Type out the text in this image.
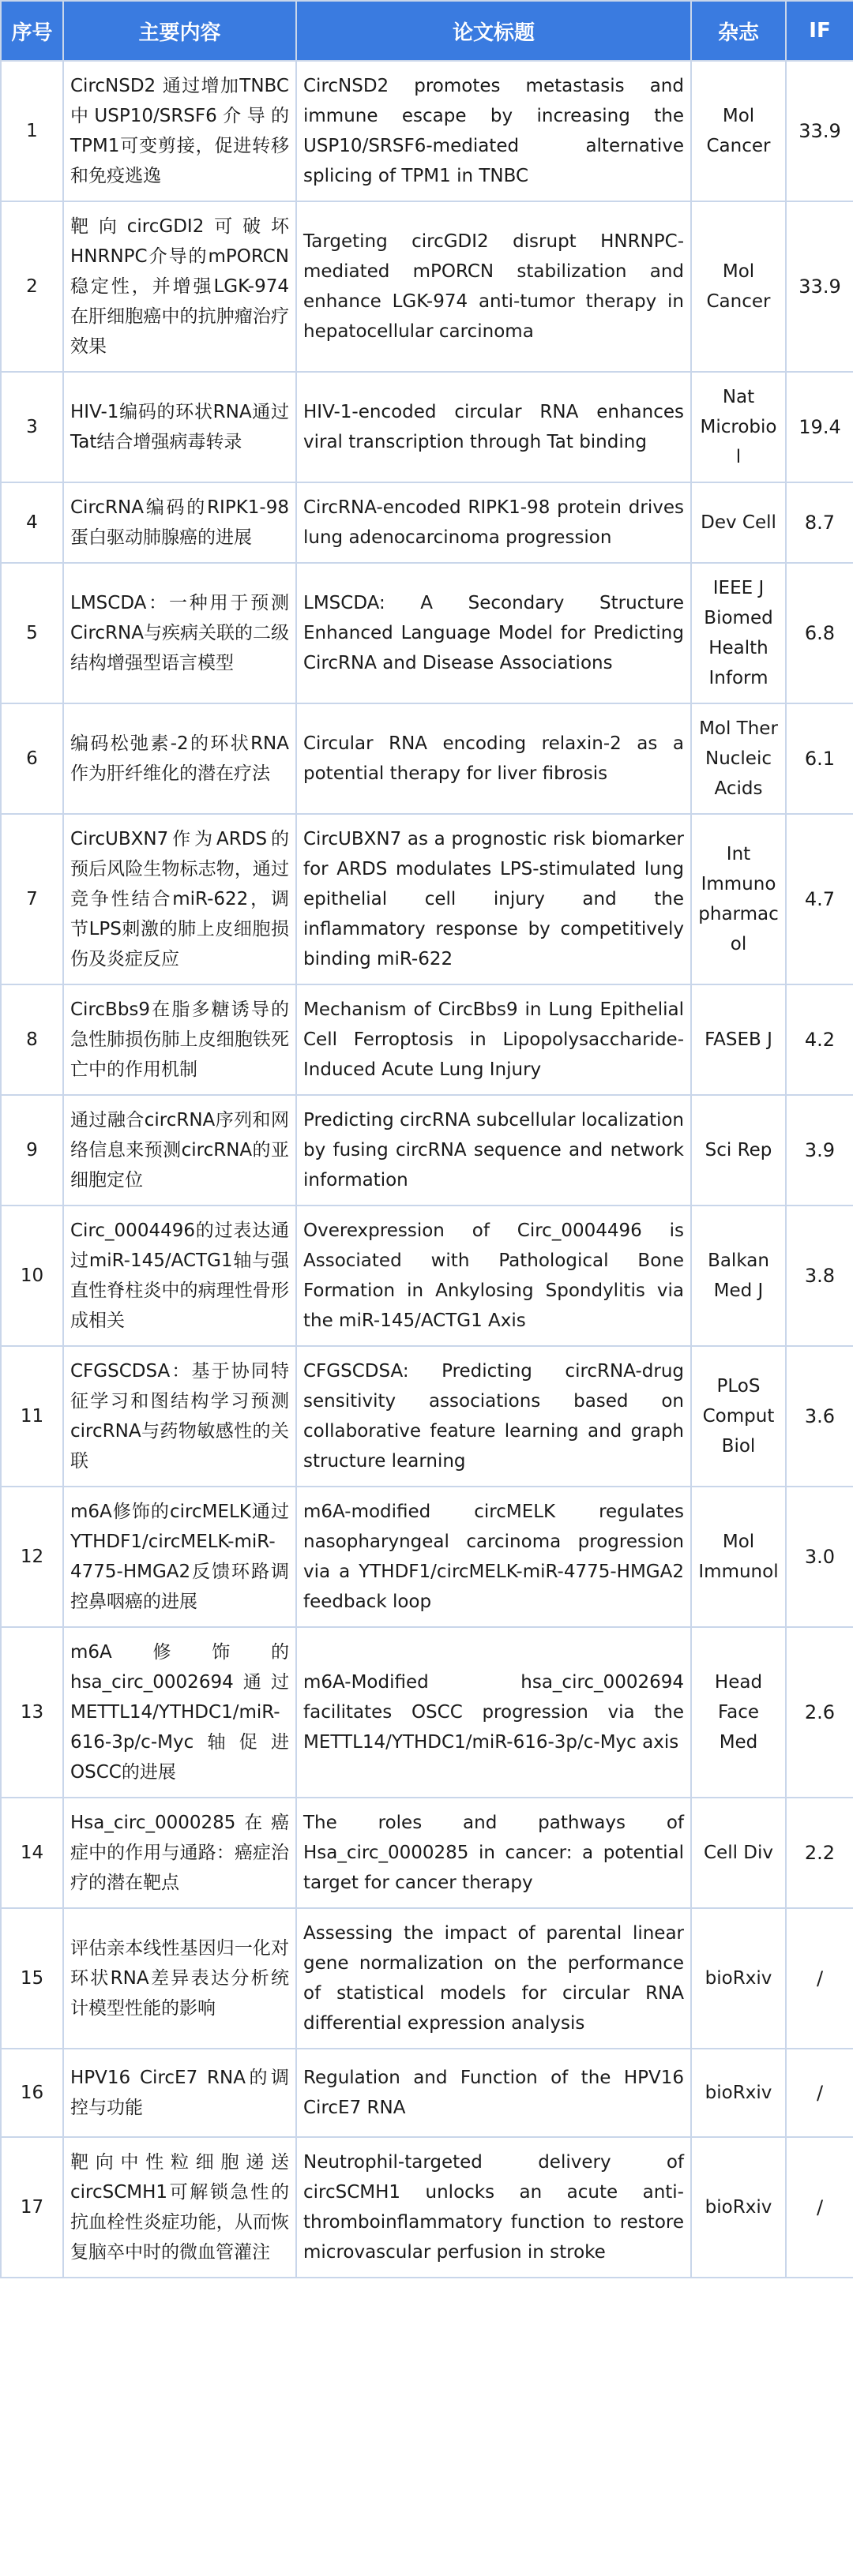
序号	主要内容	论文标题	杂志	IF
1	CircNSD2 通过增加TNBC中USP10/SRSF6介导的TPM1可变剪接，促进转移和免疫逃逸	CircNSD2 promotes metastasis and immune escape by increasing the USP10/SRSF6-mediated alternative splicing of TPM1 in TNBC	Mol Cancer	33.9
2	靶向circGDI2可破坏HNRNPC介导的mPORCN稳定性，并增强LGK-974在肝细胞癌中的抗肿瘤治疗效果	Targeting circGDI2 disrupt HNRNPC-mediated mPORCN stabilization and enhance LGK-974 anti-tumor therapy in hepatocellular carcinoma	Mol Cancer	33.9
3	HIV-1编码的环状RNA通过Tat结合增强病毒转录	HIV-1-encoded circular RNA enhances viral transcription through Tat binding	Nat Microbiol	19.4
4	CircRNA编码的RIPK1-98蛋白驱动肺腺癌的进展	CircRNA-encoded RIPK1-98 protein drives lung adenocarcinoma progression	Dev Cell	8.7
5	LMSCDA：一种用于预测CircRNA与疾病关联的二级结构增强型语言模型	LMSCDA: A Secondary Structure Enhanced Language Model for Predicting CircRNA and Disease Associations	IEEE J Biomed Health Inform	6.8
6	编码松弛素-2的环状RNA作为肝纤维化的潜在疗法	Circular RNA encoding relaxin-2 as a potential therapy for liver fibrosis	Mol Ther Nucleic Acids	6.1
7	CircUBXN7作为ARDS的预后风险生物标志物，通过竞争性结合miR-622，调节LPS刺激的肺上皮细胞损伤及炎症反应	CircUBXN7 as a prognostic risk biomarker for ARDS modulates LPS-stimulated lung epithelial cell injury and the inflammatory response by competitively binding miR-622	Int Immunopharmacol	4.7
8	CircBbs9在脂多糖诱导的急性肺损伤肺上皮细胞铁死亡中的作用机制	Mechanism of CircBbs9 in Lung Epithelial Cell Ferroptosis in Lipopolysaccharide-Induced Acute Lung Injury	FASEB J	4.2
9	通过融合circRNA序列和网络信息来预测circRNA的亚细胞定位	Predicting circRNA subcellular localization by fusing circRNA sequence and network information	Sci Rep	3.9
10	Circ_0004496的过表达通过miR-145/ACTG1轴与强直性脊柱炎中的病理性骨形成相关	Overexpression of Circ_0004496 is Associated with Pathological Bone Formation in Ankylosing Spondylitis via the miR-145/ACTG1 Axis	Balkan Med J	3.8
11	CFGSCDSA：基于协同特征学习和图结构学习预测circRNA与药物敏感性的关联	CFGSCDSA: Predicting circRNA-drug sensitivity associations based on collaborative feature learning and graph structure learning	PLoS Comput Biol	3.6
12	m6A修饰的circMELK通过YTHDF1/circMELK-miR-4775-HMGA2反馈环路调控鼻咽癌的进展	m6A-modified circMELK regulates nasopharyngeal carcinoma progression via a YTHDF1/circMELK-miR-4775-HMGA2 feedback loop	Mol Immunol	3.0
13	m6A修饰的hsa_circ_0002694通过METTL14/YTHDC1/miR-616-3p/c-Myc轴促进OSCC的进展	m6A-Modified hsa_circ_0002694 facilitates OSCC progression via the METTL14/YTHDC1/miR-616-3p/c-Myc axis	Head Face Med	2.6
14	Hsa_circ_0000285在癌症中的作用与通路：癌症治疗的潜在靶点	The roles and pathways of Hsa_circ_0000285 in cancer: a potential target for cancer therapy	Cell Div	2.2
15	评估亲本线性基因归一化对环状RNA差异表达分析统计模型性能的影响	Assessing the impact of parental linear gene normalization on the performance of statistical models for circular RNA differential expression analysis	bioRxiv	/
16	HPV16 CircE7 RNA的调控与功能	Regulation and Function of the HPV16 CircE7 RNA	bioRxiv	/
17	靶向中性粒细胞递送circSCMH1可解锁急性的抗血栓性炎症功能，从而恢复脑卒中时的微血管灌注	Neutrophil-targeted delivery of circSCMH1 unlocks an acute anti-thromboinflammatory function to restore microvascular perfusion in stroke	bioRxiv	/
